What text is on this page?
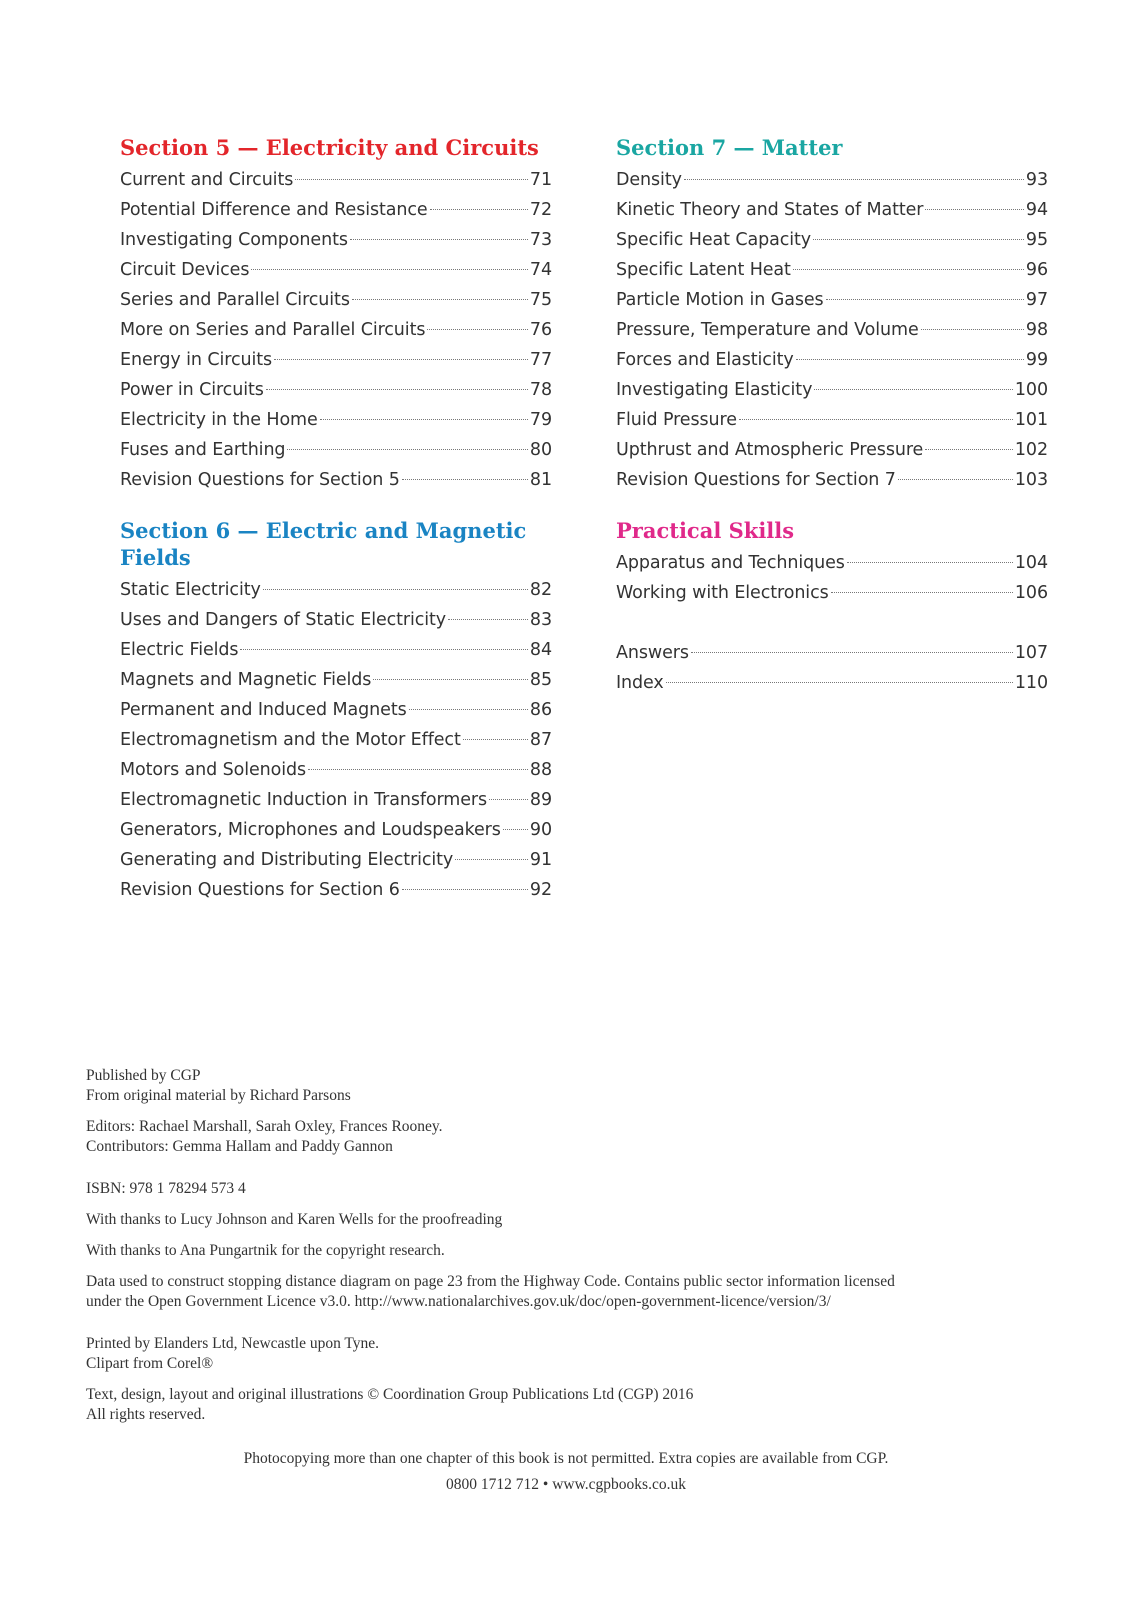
Section 5 — Electricity and Circuits
Current and Circuits	71
Potential Difference and Resistance	72
Investigating Components	73
Circuit Devices	74
Series and Parallel Circuits	75
More on Series and Parallel Circuits	76
Energy in Circuits	77
Power in Circuits	78
Electricity in the Home	79
Fuses and Earthing	80
Revision Questions for Section 5	81
Section 6 — Electric and Magnetic Fields
Static Electricity	82
Uses and Dangers of Static Electricity	83
Electric Fields	84
Magnets and Magnetic Fields	85
Permanent and Induced Magnets	86
Electromagnetism and the Motor Effect	87
Motors and Solenoids	88
Electromagnetic Induction in Transformers 89
Generators, Microphones and Loudspeakers 90
Generating and Distributing Electricity	91
Revision Questions for Section 6	92
Section 7 — Matter
Density	93
Kinetic Theory and States of Matter	94
Specific Heat Capacity	95
Specific Latent Heat	96
Particle Motion in Gases	97
Pressure, Temperature and Volume	98
Forces and Elasticity	99
Investigating Elasticity	100
Fluid Pressure	101
Upthrust and Atmospheric Pressure	102
Revision Questions for Section 7	103
Practical Skills
Apparatus and Techniques	104
Working with Electronics	106
Answers	107
Index	110

Published by CGP

From original material by Richard Parsons

Editors: Rachael Marshall, Sarah Oxley, Frances Rooney.

Contributors: Gemma Hallam and Paddy Gannon

ISBN: 978 1 78294 573 4

With thanks to Lucy Johnson and Karen Wells for the proofreading

With thanks to Ana Pungartnik for the copyright research.

Data used to construct stopping distance diagram on page 23 from the Highway Code. Contains public sector information licensed

under the Open Government Licence v3.0. http://www.nationalarchives.gov.uk/doc/open-government-licence/version/3/

Printed by Elanders Ltd, Newcastle upon Tyne.

Clipart from Corel®

Text, design, layout and original illustrations © Coordination Group Publications Ltd (CGP) 2016

All rights reserved.

Photocopying more than one chapter of this book is not permitted. Extra copies are available from CGP.

0800 1712 712 • www.cgpbooks.co.uk
